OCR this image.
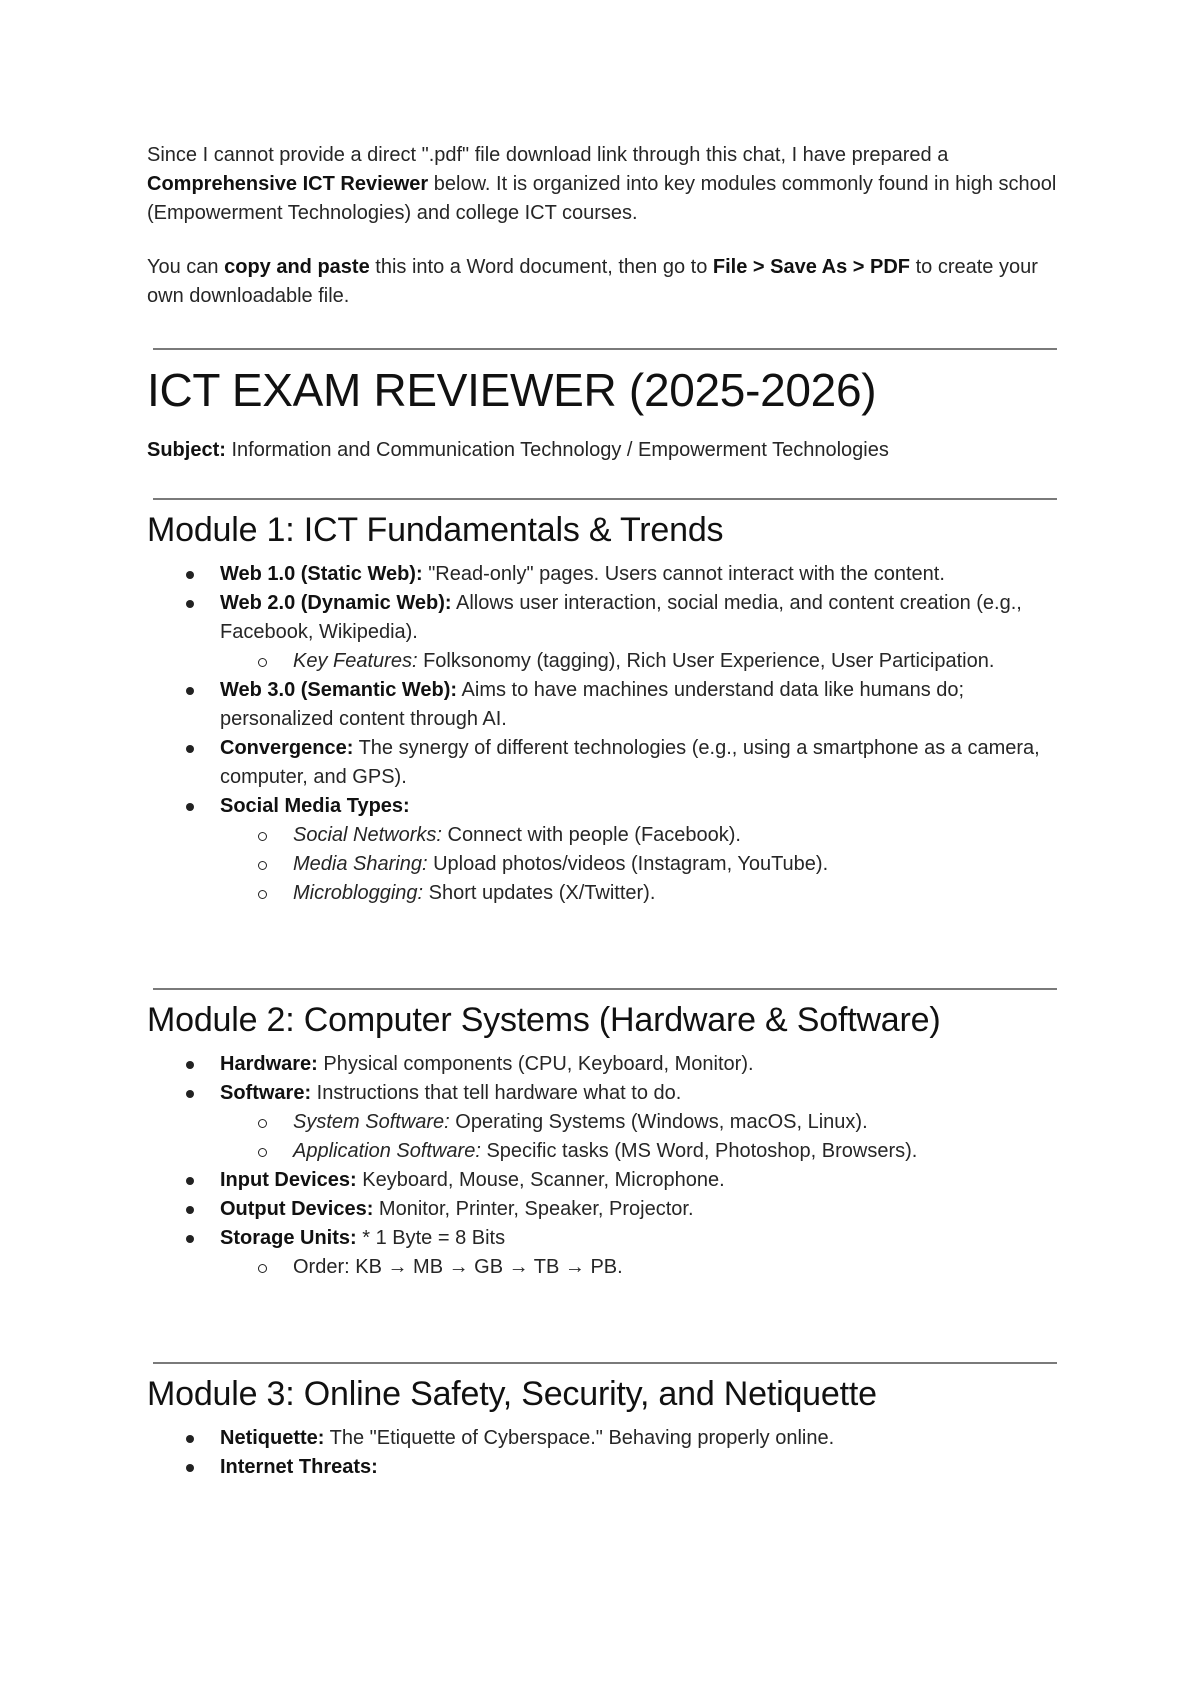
Since I cannot provide a direct ".pdf" file download link through this chat, I have prepared a Comprehensive ICT Reviewer below. It is organized into key modules commonly found in high school (Empowerment Technologies) and college ICT courses.

You can copy and paste this into a Word document, then go to File > Save As > PDF to create your own downloadable file.

ICT EXAM REVIEWER (2025-2026)

Subject: Information and Communication Technology / Empowerment Technologies

Module 1: ICT Fundamentals & Trends
Web 1.0 (Static Web): "Read-only" pages. Users cannot interact with the content.
Web 2.0 (Dynamic Web): Allows user interaction, social media, and content creation (e.g., Facebook, Wikipedia).
Key Features: Folksonomy (tagging), Rich User Experience, User Participation.
Web 3.0 (Semantic Web): Aims to have machines understand data like humans do; personalized content through AI.
Convergence: The synergy of different technologies (e.g., using a smartphone as a camera, computer, and GPS).
Social Media Types:
Social Networks: Connect with people (Facebook).
Media Sharing: Upload photos/videos (Instagram, YouTube).
Microblogging: Short updates (X/Twitter).
Module 2: Computer Systems (Hardware & Software)
Hardware: Physical components (CPU, Keyboard, Monitor).
Software: Instructions that tell hardware what to do.
System Software: Operating Systems (Windows, macOS, Linux).
Application Software: Specific tasks (MS Word, Photoshop, Browsers).
Input Devices: Keyboard, Mouse, Scanner, Microphone.
Output Devices: Monitor, Printer, Speaker, Projector.
Storage Units: * 1 Byte = 8 Bits
Order: KB → MB → GB → TB → PB.
Module 3: Online Safety, Security, and Netiquette
Netiquette: The "Etiquette of Cyberspace." Behaving properly online.
Internet Threats:
